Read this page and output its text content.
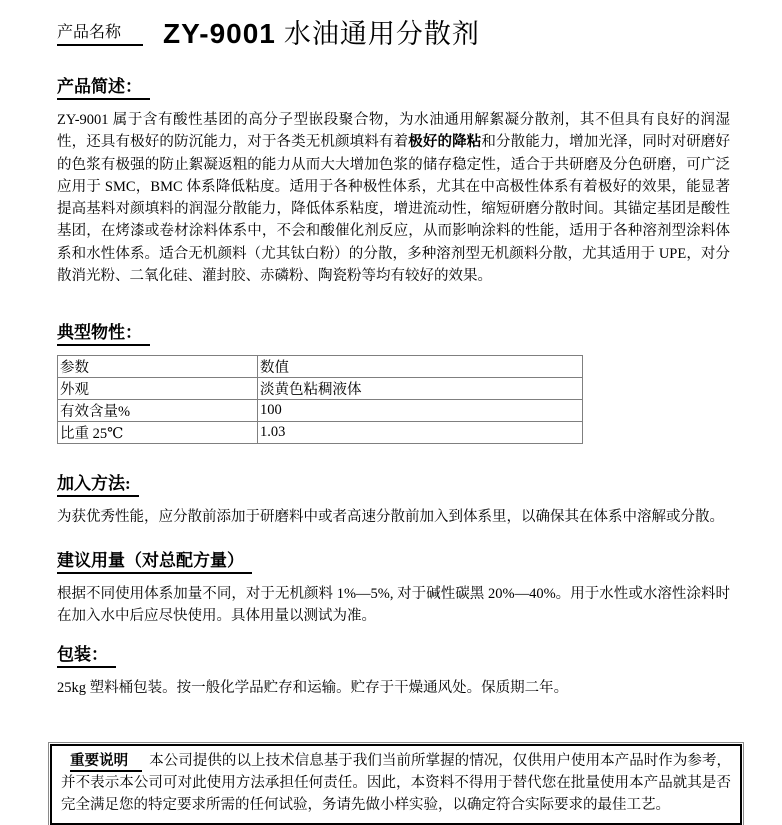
产品名称 ZY-9001 水油通用分散剂
产品简述：

ZY-9001 属于含有酸性基团的高分子型嵌段聚合物，为水油通用解絮凝分散剂，其不但具有良好的润湿性，还具有极好的防沉能力，对于各类无机颜填料有着极好的降粘和分散能力，增加光泽，同时对研磨好的色浆有极强的防止絮凝返粗的能力从而大大增加色浆的储存稳定性，适合于共研磨及分色研磨，可广泛应用于 SMC，BMC 体系降低粘度。适用于各种极性体系，尤其在中高极性体系有着极好的效果，能显著提高基料对颜填料的润湿分散能力，降低体系粘度，增进流动性，缩短研磨分散时间。其锚定基团是酸性基团，在烤漆或卷材涂料体系中，不会和酸催化剂反应，从而影响涂料的性能，适用于各种溶剂型涂料体系和水性体系。适合无机颜料（尤其钛白粉）的分散，多种溶剂型无机颜料分散，尤其适用于 UPE，对分散消光粉、二氧化硅、灌封胶、赤磷粉、陶瓷粉等均有较好的效果。

典型物性：
参数	数值
外观	淡黄色粘稠液体
有效含量%	100
比重 25℃	1.03
加入方法:

为获优秀性能，应分散前添加于研磨料中或者高速分散前加入到体系里，以确保其在体系中溶解或分散。

建议用量（对总配方量）

根据不同使用体系加量不同，对于无机颜料 1%—5%, 对于碱性碳黑 20%—40%。用于水性或水溶性涂料时在加入水中后应尽快使用。具体用量以测试为准。

包装：

25kg 塑料桶包装。按一般化学品贮存和运输。贮存于干燥通风处。保质期二年。

重要说明 本公司提供的以上技术信息基于我们当前所掌握的情况，仅供用户使用本产品时作为参考，并不表示本公司可对此使用方法承担任何责任。因此，本资料不得用于替代您在批量使用本产品就其是否完全满足您的特定要求所需的任何试验，务请先做小样实验，以确定符合实际要求的最佳工艺。
